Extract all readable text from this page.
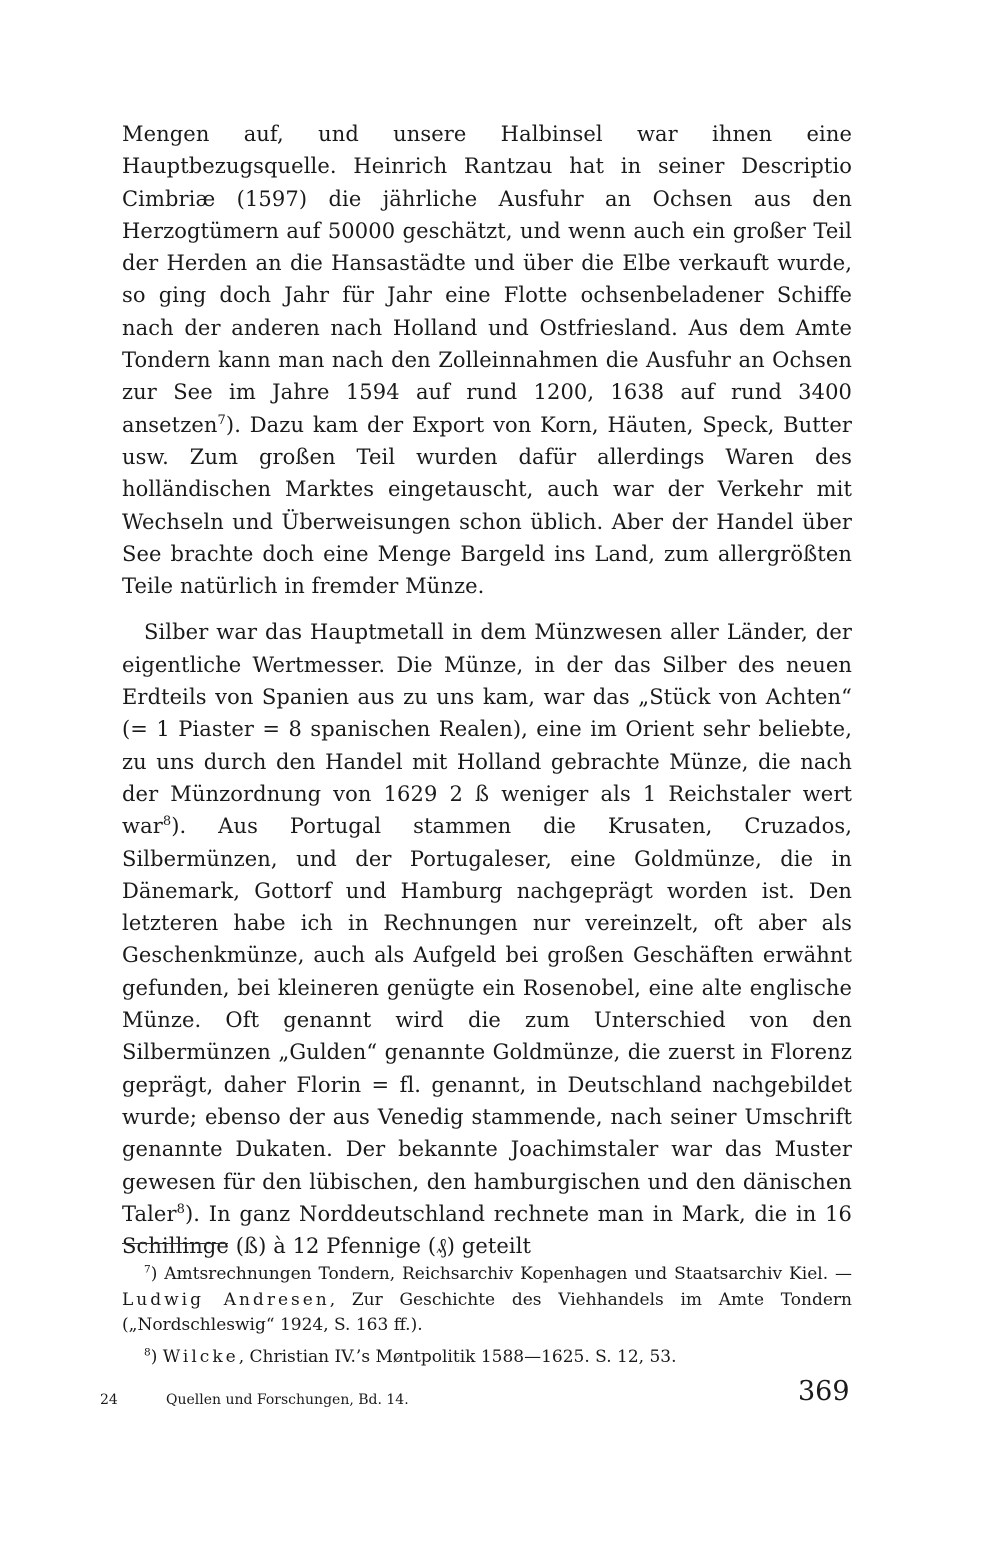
Mengen auf, und unsere Halbinsel war ihnen eine Hauptbezugsquelle. Heinrich Rantzau hat in seiner Descriptio Cimbriæ (1597) die jährliche Ausfuhr an Ochsen aus den Herzogtümern auf 50000 geschätzt, und wenn auch ein großer Teil der Herden an die Hansastädte und über die Elbe verkauft wurde, so ging doch Jahr für Jahr eine Flotte ochsenbeladener Schiffe nach der anderen nach Holland und Ostfriesland. Aus dem Amte Tondern kann man nach den Zolleinnahmen die Ausfuhr an Ochsen zur See im Jahre 1594 auf rund 1200, 1638 auf rund 3400 ansetzen$^7$). Dazu kam der Export von Korn, Häuten, Speck, Butter usw. Zum großen Teil wurden dafür allerdings Waren des holländischen Marktes eingetauscht, auch war der Verkehr mit Wechseln und Überweisungen schon üblich. Aber der Handel über See brachte doch eine Menge Bargeld ins Land, zum allergrößten Teile natürlich in fremder Münze.

Silber war das Hauptmetall in dem Münzwesen aller Länder, der eigentliche Wertmesser. Die Münze, in der das Silber des neuen Erdteils von Spanien aus zu uns kam, war das „Stück von Achten“ (= 1 Piaster = 8 spanischen Realen), eine im Orient sehr beliebte, zu uns durch den Handel mit Holland gebrachte Münze, die nach der Münzordnung von 1629 2 ß weniger als 1 Reichstaler wert war$^8$). Aus Portugal stammen die Krusaten, Cruzados, Silbermünzen, und der Portugaleser, eine Goldmünze, die in Dänemark, Gottorf und Hamburg nachgeprägt worden ist. Den letzteren habe ich in Rechnungen nur vereinzelt, oft aber als Geschenkmünze, auch als Aufgeld bei großen Geschäften erwähnt gefunden, bei kleineren genügte ein Rosenobel, eine alte englische Münze. Oft genannt wird die zum Unterschied von den Silbermünzen „Gulden“ genannte Goldmünze, die zuerst in Florenz geprägt, daher Florin = fl. genannt, in Deutschland nachgebildet wurde; ebenso der aus Venedig stammende, nach seiner Umschrift genannte Dukaten. Der bekannte Joachimstaler war das Muster gewesen für den lübischen, den hamburgischen und den dänischen Taler$^8$). In ganz Norddeutschland rechnete man in Mark, die in 16 Schillinge (ß) à 12 Pfennige (₰) geteilt

$^7$) Amtsrechnungen Tondern, Reichsarchiv Kopenhagen und Staatsarchiv Kiel. — Ludwig Andresen, Zur Geschichte des Viehhandels im Amte Tondern („Nordschleswig“ 1924, S. 163 ff.).

$^8$) Wilcke, Christian IV.’s Møntpolitik 1588—1625. S. 12, 53.

24	Quellen und Forschungen, Bd. 14.	369
